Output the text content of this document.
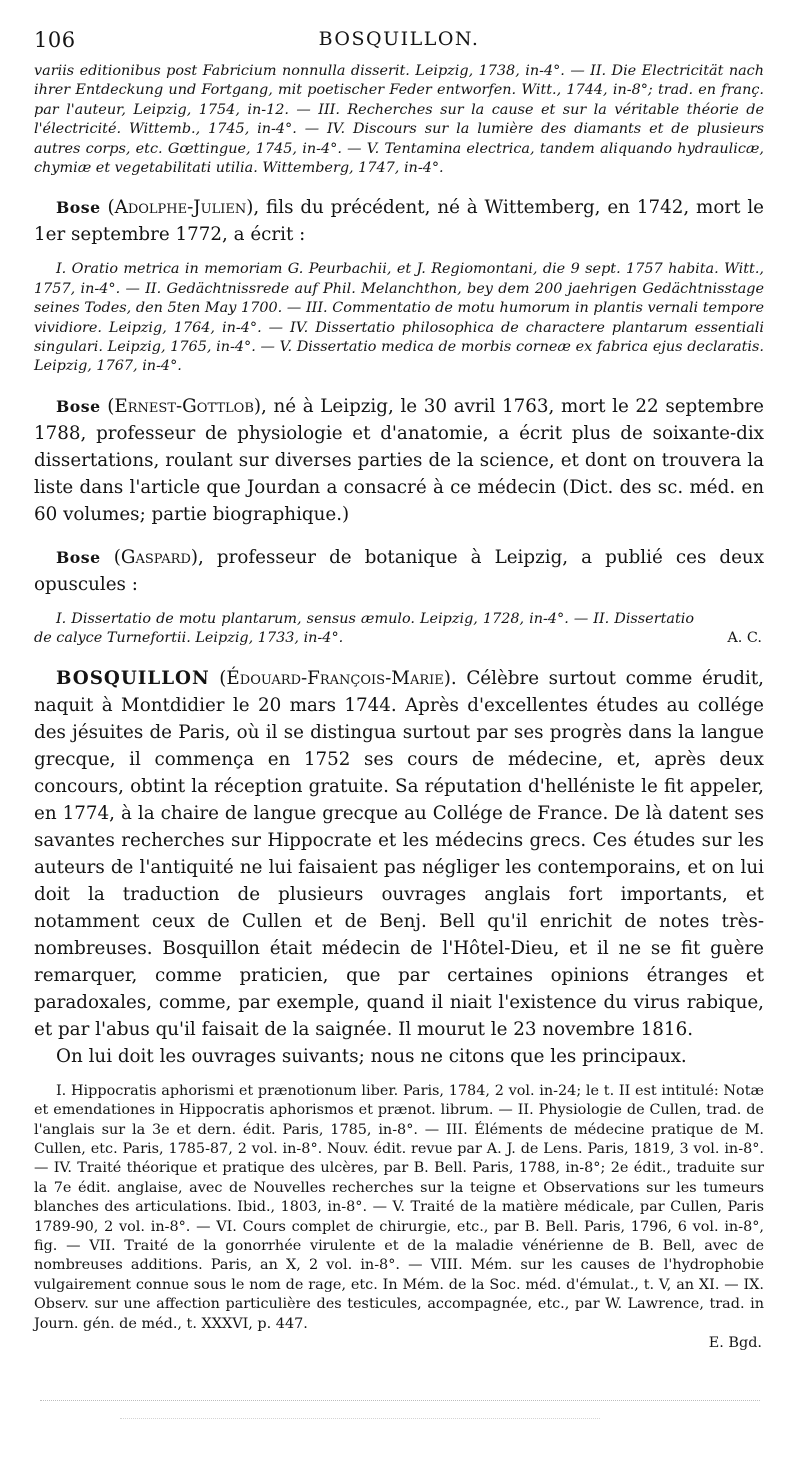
106	BOSQUILLON.

variis editionibus post Fabricium nonnulla disserit. Leipzig, 1738, in-4°. — II. Die Electricität nach ihrer Entdeckung und Fortgang, mit poetischer Feder entworfen. Witt., 1744, in-8°; trad. en franç. par l'auteur, Leipzig, 1754, in-12. — III. Recherches sur la cause et sur la véritable théorie de l'électricité. Wittemb., 1745, in-4°. — IV. Discours sur la lumière des diamants et de plusieurs autres corps, etc. Gœttingue, 1745, in-4°. — V. Tentamina electrica, tandem aliquando hydraulicæ, chymiæ et vegetabilitati utilia. Wittemberg, 1747, in-4°.

Bose (Adolphe-Julien), fils du précédent, né à Wittemberg, en 1742, mort le 1er septembre 1772, a écrit :

I. Oratio metrica in memoriam G. Peurbachii, et J. Regiomontani, die 9 sept. 1757 habita. Witt., 1757, in-4°. — II. Gedächtnissrede auf Phil. Melanchthon, bey dem 200 jaehrigen Gedächtnisstage seines Todes, den 5ten May 1700. — III. Commentatio de motu humorum in plantis vernali tempore vividiore. Leipzig, 1764, in-4°. — IV. Dissertatio philosophica de charactere plantarum essentiali singulari. Leipzig, 1765, in-4°. — V. Dissertatio medica de morbis corneæ ex fabrica ejus declaratis. Leipzig, 1767, in-4°.

Bose (Ernest-Gottlob), né à Leipzig, le 30 avril 1763, mort le 22 septembre 1788, professeur de physiologie et d'anatomie, a écrit plus de soixante-dix dissertations, roulant sur diverses parties de la science, et dont on trouvera la liste dans l'article que Jourdan a consacré à ce médecin (Dict. des sc. méd. en 60 volumes; partie biographique.)

Bose (Gaspard), professeur de botanique à Leipzig, a publié ces deux opuscules :

I. Dissertatio de motu plantarum, sensus æmulo. Leipzig, 1728, in-4°. — II. Dissertatio de calyce Turnefortii. Leipzig, 1733, in-4°.	A. C.

BOSQUILLON (Édouard-François-Marie). Célèbre surtout comme érudit, naquit à Montdidier le 20 mars 1744. Après d'excellentes études au collége des jésuites de Paris, où il se distingua surtout par ses progrès dans la langue grecque, il commença en 1752 ses cours de médecine, et, après deux concours, obtint la réception gratuite. Sa réputation d'helléniste le fit appeler, en 1774, à la chaire de langue grecque au Collége de France. De là datent ses savantes recherches sur Hippocrate et les médecins grecs. Ces études sur les auteurs de l'antiquité ne lui faisaient pas négliger les contemporains, et on lui doit la traduction de plusieurs ouvrages anglais fort importants, et notamment ceux de Cullen et de Benj. Bell qu'il enrichit de notes très-nombreuses. Bosquillon était médecin de l'Hôtel-Dieu, et il ne se fit guère remarquer, comme praticien, que par certaines opinions étranges et paradoxales, comme, par exemple, quand il niait l'existence du virus rabique, et par l'abus qu'il faisait de la saignée. Il mourut le 23 novembre 1816.

On lui doit les ouvrages suivants; nous ne citons que les principaux.

I. Hippocratis aphorismi et prænotionum liber. Paris, 1784, 2 vol. in-24; le t. II est intitulé: Notæ et emendationes in Hippocratis aphorismos et prænot. librum. — II. Physiologie de Cullen, trad. de l'anglais sur la 3e et dern. édit. Paris, 1785, in-8°. — III. Éléments de médecine pratique de M. Cullen, etc. Paris, 1785-87, 2 vol. in-8°. Nouv. édit. revue par A. J. de Lens. Paris, 1819, 3 vol. in-8°. — IV. Traité théorique et pratique des ulcères, par B. Bell. Paris, 1788, in-8°; 2e édit., traduite sur la 7e édit. anglaise, avec de Nouvelles recherches sur la teigne et Observations sur les tumeurs blanches des articulations. Ibid., 1803, in-8°. — V. Traité de la matière médicale, par Cullen, Paris 1789-90, 2 vol. in-8°. — VI. Cours complet de chirurgie, etc., par B. Bell. Paris, 1796, 6 vol. in-8°, fig. — VII. Traité de la gonorrhée virulente et de la maladie vénérienne de B. Bell, avec de nombreuses additions. Paris, an X, 2 vol. in-8°. — VIII. Mém. sur les causes de l'hydrophobie vulgairement connue sous le nom de rage, etc. In Mém. de la Soc. méd. d'émulat., t. V, an XI. — IX. Observ. sur une affection particulière des testicules, accompagnée, etc., par W. Lawrence, trad. in Journ. gén. de méd., t. XXXVI, p. 447.

E. Bgd.
